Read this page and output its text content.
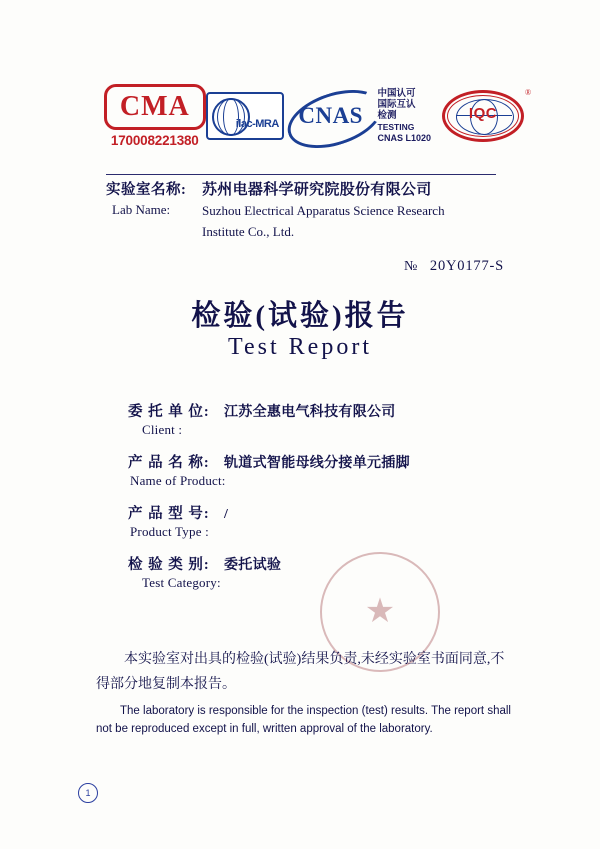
CMA
170008221380
ilac-MRA CNAS
中国认可
国际互认
检测
TESTING
CNAS L1020
IQC
®
实验室名称:
Lab Name:
苏州电器科学研究院股份有限公司
Suzhou Electrical Apparatus Science Research
Institute Co., Ltd.
№ 20Y0177-S
检验(试验)报告
Test Report
委 托 单 位:	江苏全惠电气科技有限公司
Client :
产 品 名 称:	轨道式智能母线分接单元插脚
Name of Product:
产 品 型 号:	/
Product Type :
检 验 类 别:	委托试验
Test Category:
★
本实验室对出具的检验(试验)结果负责,未经实验室书面同意,不得部分地复制本报告。
The laboratory is responsible for the inspection (test) results. The report shall not be reproduced except in full, written approval of the laboratory.
1
